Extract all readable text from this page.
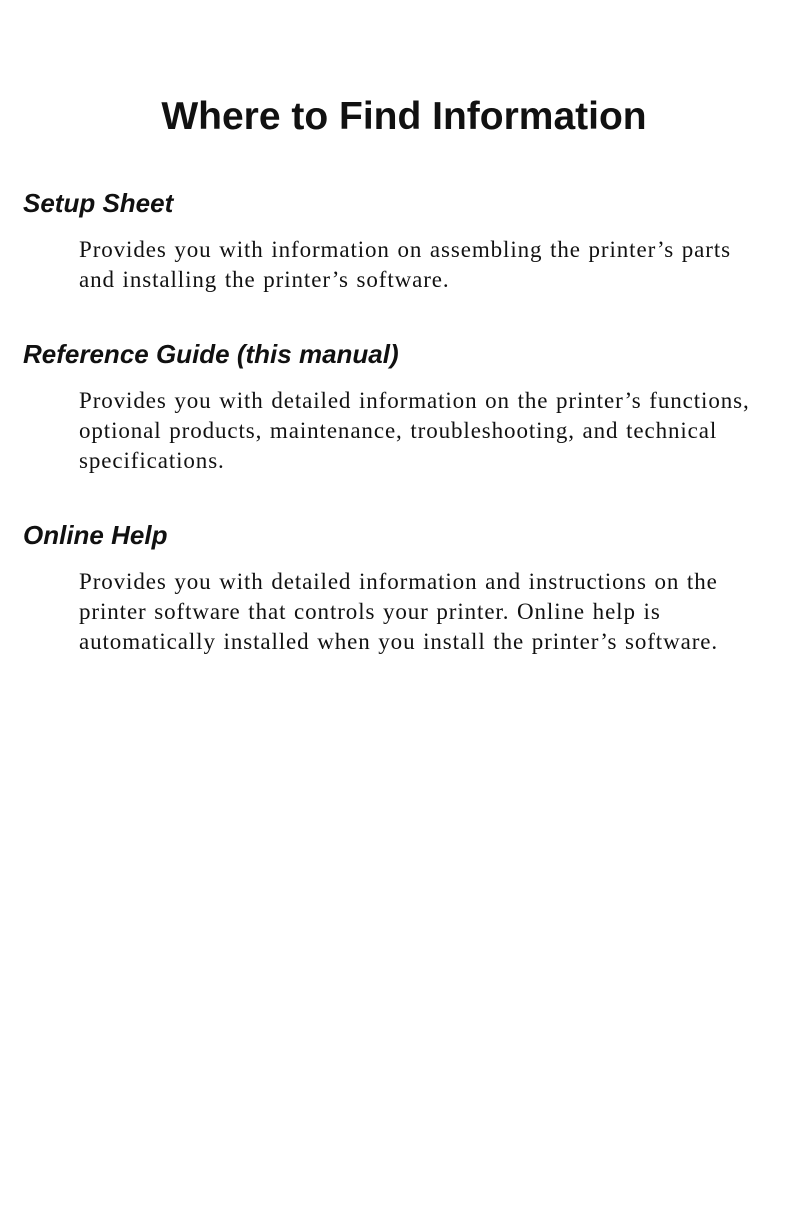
Where to Find Information
Setup Sheet

Provides you with information on assembling the printer’s parts
and installing the printer’s software.

Reference Guide (this manual)

Provides you with detailed information on the printer’s functions,
optional products, maintenance, troubleshooting, and technical
specifications.

Online Help

Provides you with detailed information and instructions on the
printer software that controls your printer. Online help is
automatically installed when you install the printer’s software.
